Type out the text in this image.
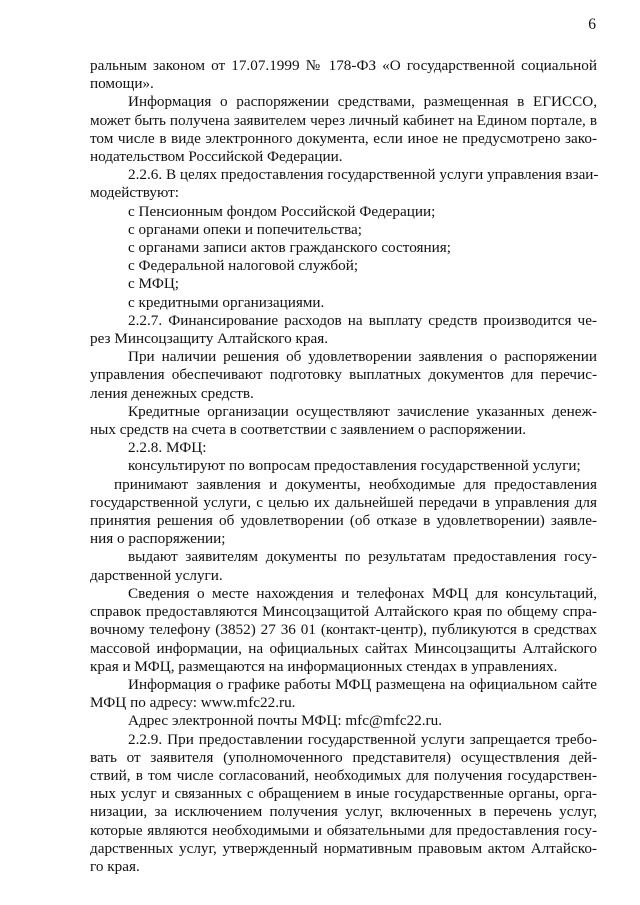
6
ральным законом от 17.07.1999 № 178-ФЗ «О государственной социальной
помощи».
Информация о распоряжении средствами, размещенная в ЕГИССО,
может быть получена заявителем через личный кабинет на Едином портале, в
том числе в виде электронного документа, если иное не предусмотрено зако-
нодательством Российской Федерации.
2.2.6. В целях предоставления государственной услуги управления взаи-
модействуют:
с Пенсионным фондом Российской Федерации;
с органами опеки и попечительства;
с органами записи актов гражданского состояния;
с Федеральной налоговой службой;
с МФЦ;
с кредитными организациями.
2.2.7. Финансирование расходов на выплату средств производится че-
рез Минсоцзащиту Алтайского края.
При наличии решения об удовлетворении заявления о распоряжении
управления обеспечивают подготовку выплатных документов для перечис-
ления денежных средств.
Кредитные организации осуществляют зачисление указанных денеж-
ных средств на счета в соответствии с заявлением о распоряжении.
2.2.8. МФЦ:
консультируют по вопросам предоставления государственной услуги;
принимают заявления и документы, необходимые для предоставления
государственной услуги, с целью их дальнейшей передачи в управления для
принятия решения об удовлетворении (об отказе в удовлетворении) заявле-
ния о распоряжении;
выдают заявителям документы по результатам предоставления госу-
дарственной услуги.
Сведения о месте нахождения и телефонах МФЦ для консультаций,
справок предоставляются Минсоцзащитой Алтайского края по общему спра-
вочному телефону (3852) 27 36 01 (контакт-центр), публикуются в средствах
массовой информации, на официальных сайтах Минсоцзащиты Алтайского
края и МФЦ, размещаются на информационных стендах в управлениях.
Информация о графике работы МФЦ размещена на официальном сайте
МФЦ по адресу: www.mfc22.ru.
Адрес электронной почты МФЦ: mfc@mfc22.ru.
2.2.9. При предоставлении государственной услуги запрещается требо-
вать от заявителя (уполномоченного представителя) осуществления дей-
ствий, в том числе согласований, необходимых для получения государствен-
ных услуг и связанных с обращением в иные государственные органы, орга-
низации, за исключением получения услуг, включенных в перечень услуг,
которые являются необходимыми и обязательными для предоставления госу-
дарственных услуг, утвержденный нормативным правовым актом Алтайско-
го края.
